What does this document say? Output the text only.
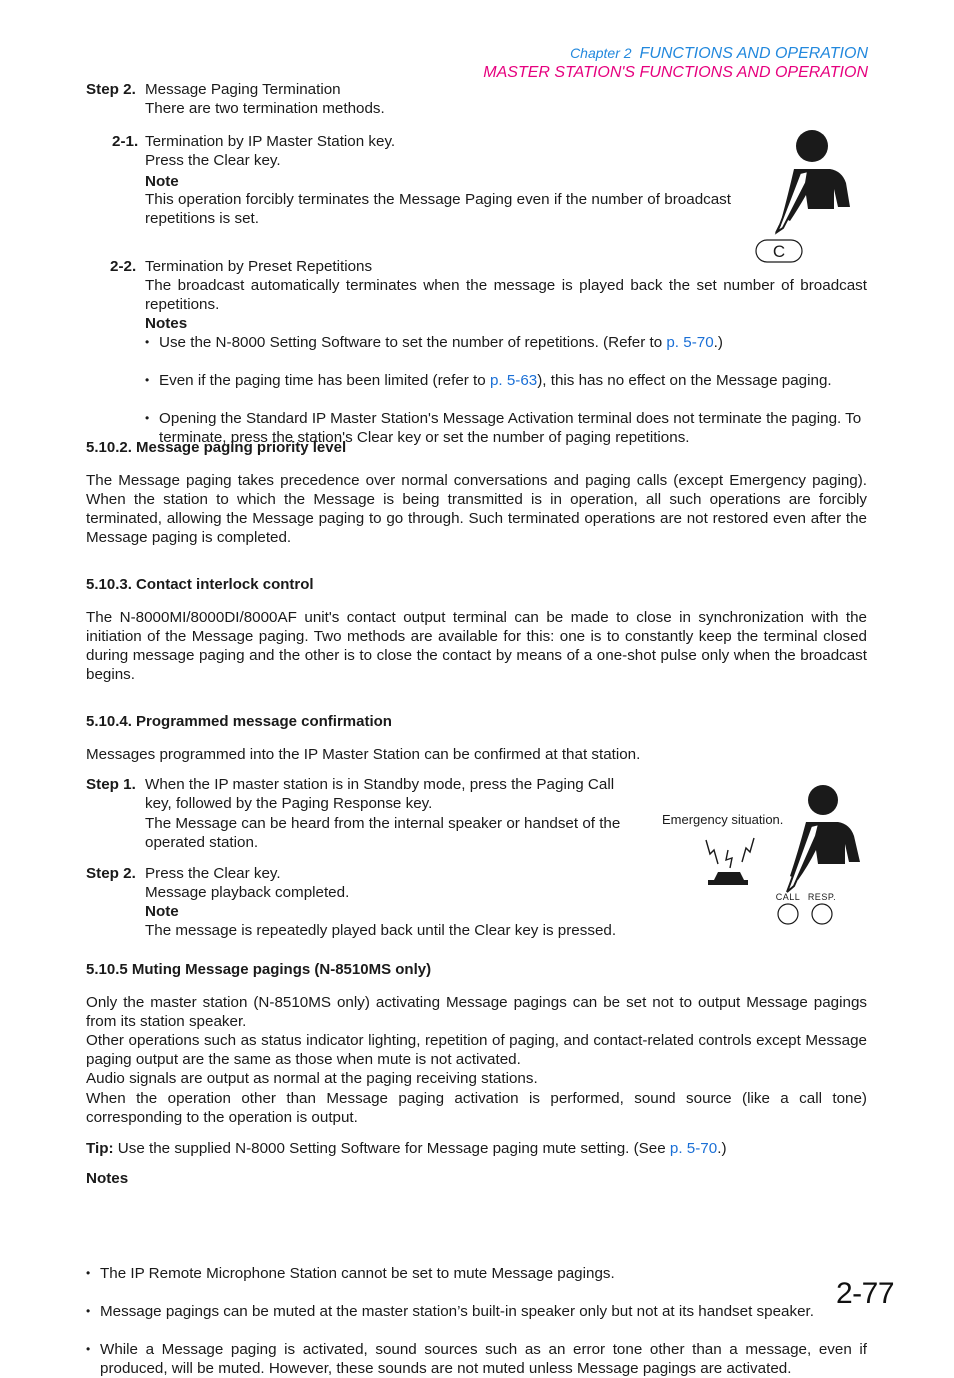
Chapter 2 FUNCTIONS AND OPERATION
MASTER STATION'S FUNCTIONS AND OPERATION
Step 2. Message Paging Termination
There are two termination methods.
2-1. Termination by IP Master Station key.
Press the Clear key.
Note
This operation forcibly terminates the Message Paging even if the number of broadcast repetitions is set.
C
2-2. Termination by Preset Repetitions
The broadcast automatically terminates when the message is played back the set number of broadcast repetitions.
Notes
• Use the N-8000 Setting Software to set the number of repetitions. (Refer to p. 5-70.)
• Even if the paging time has been limited (refer to p. 5-63), this has no effect on the Message paging.
• Opening the Standard IP Master Station's Message Activation terminal does not terminate the paging. To terminate, press the station's Clear key or set the number of paging repetitions.
5.10.2. Message paging priority level
The Message paging takes precedence over normal conversations and paging calls (except Emergency paging). When the station to which the Message is being transmitted is in operation, all such operations are forcibly terminated, allowing the Message paging to go through. Such terminated operations are not restored even after the Message paging is completed.
5.10.3. Contact interlock control
The N-8000MI/8000DI/8000AF unit's contact output terminal can be made to close in synchronization with the initiation of the Message paging. Two methods are available for this: one is to constantly keep the terminal closed during message paging and the other is to close the contact by means of a one-shot pulse only when the broadcast begins.
5.10.4. Programmed message confirmation
Messages programmed into the IP Master Station can be confirmed at that station.
Step 1. When the IP master station is in Standby mode, press the Paging Call key, followed by the Paging Response key.
The Message can be heard from the internal speaker or handset of the operated station.
Step 2. Press the Clear key.
Message playback completed.
Note
The message is repeatedly played back until the Clear key is pressed.
Emergency situation.
CALL RESP.
5.10.5 Muting Message pagings (N-8510MS only)
Only the master station (N-8510MS only) activating Message pagings can be set not to output Message pagings from its station speaker.
Other operations such as status indicator lighting, repetition of paging, and contact-related controls except Message paging output are the same as those when mute is not activated.
Audio signals are output as normal at the paging receiving stations.
When the operation other than Message paging activation is performed, sound source (like a call tone) corresponding to the operation is output.
Tip: Use the supplied N-8000 Setting Software for Message paging mute setting. (See p. 5-70.)
Notes
• The IP Remote Microphone Station cannot be set to mute Message pagings.
• Message pagings can be muted at the master station’s built-in speaker only but not at its handset speaker.
• While a Message paging is activated, sound sources such as an error tone other than a message, even if produced, will be muted. However, these sounds are not muted unless Message pagings are activated.
2-77
